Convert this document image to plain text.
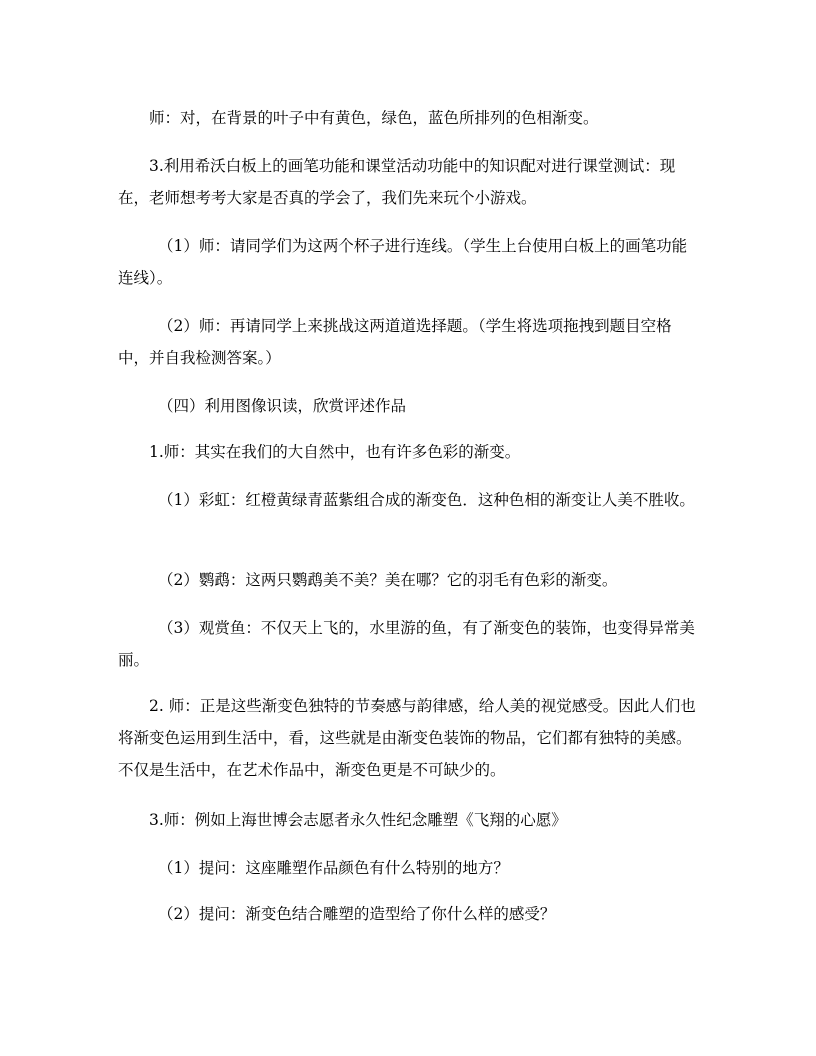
师：对，在背景的叶子中有黄色，绿色，蓝色所排列的色相渐变。

3.利用希沃白板上的画笔功能和课堂活动功能中的知识配对进行课堂测试：现在，老师想考考大家是否真的学会了，我们先来玩个小游戏。

（1）师：请同学们为这两个杯子进行连线。（学生上台使用白板上的画笔功能连线）。

（2）师：再请同学上来挑战这两道道选择题。（学生将选项拖拽到题目空格中，并自我检测答案。）

（四）利用图像识读，欣赏评述作品

1.师：其实在我们的大自然中，也有许多色彩的渐变。

（1）彩虹：红橙黄绿青蓝紫组合成的渐变色．这种色相的渐变让人美不胜收。

（2）鹦鹉：这两只鹦鹉美不美？美在哪？它的羽毛有色彩的渐变。

（3）观赏鱼：不仅天上飞的，水里游的鱼，有了渐变色的装饰，也变得异常美丽。

2. 师：正是这些渐变色独特的节奏感与韵律感，给人美的视觉感受。因此人们也将渐变色运用到生活中，看，这些就是由渐变色装饰的物品，它们都有独特的美感。不仅是生活中，在艺术作品中，渐变色更是不可缺少的。

3.师：例如上海世博会志愿者永久性纪念雕塑《飞翔的心愿》

（1）提问：这座雕塑作品颜色有什么特别的地方？

（2）提问：渐变色结合雕塑的造型给了你什么样的感受？
